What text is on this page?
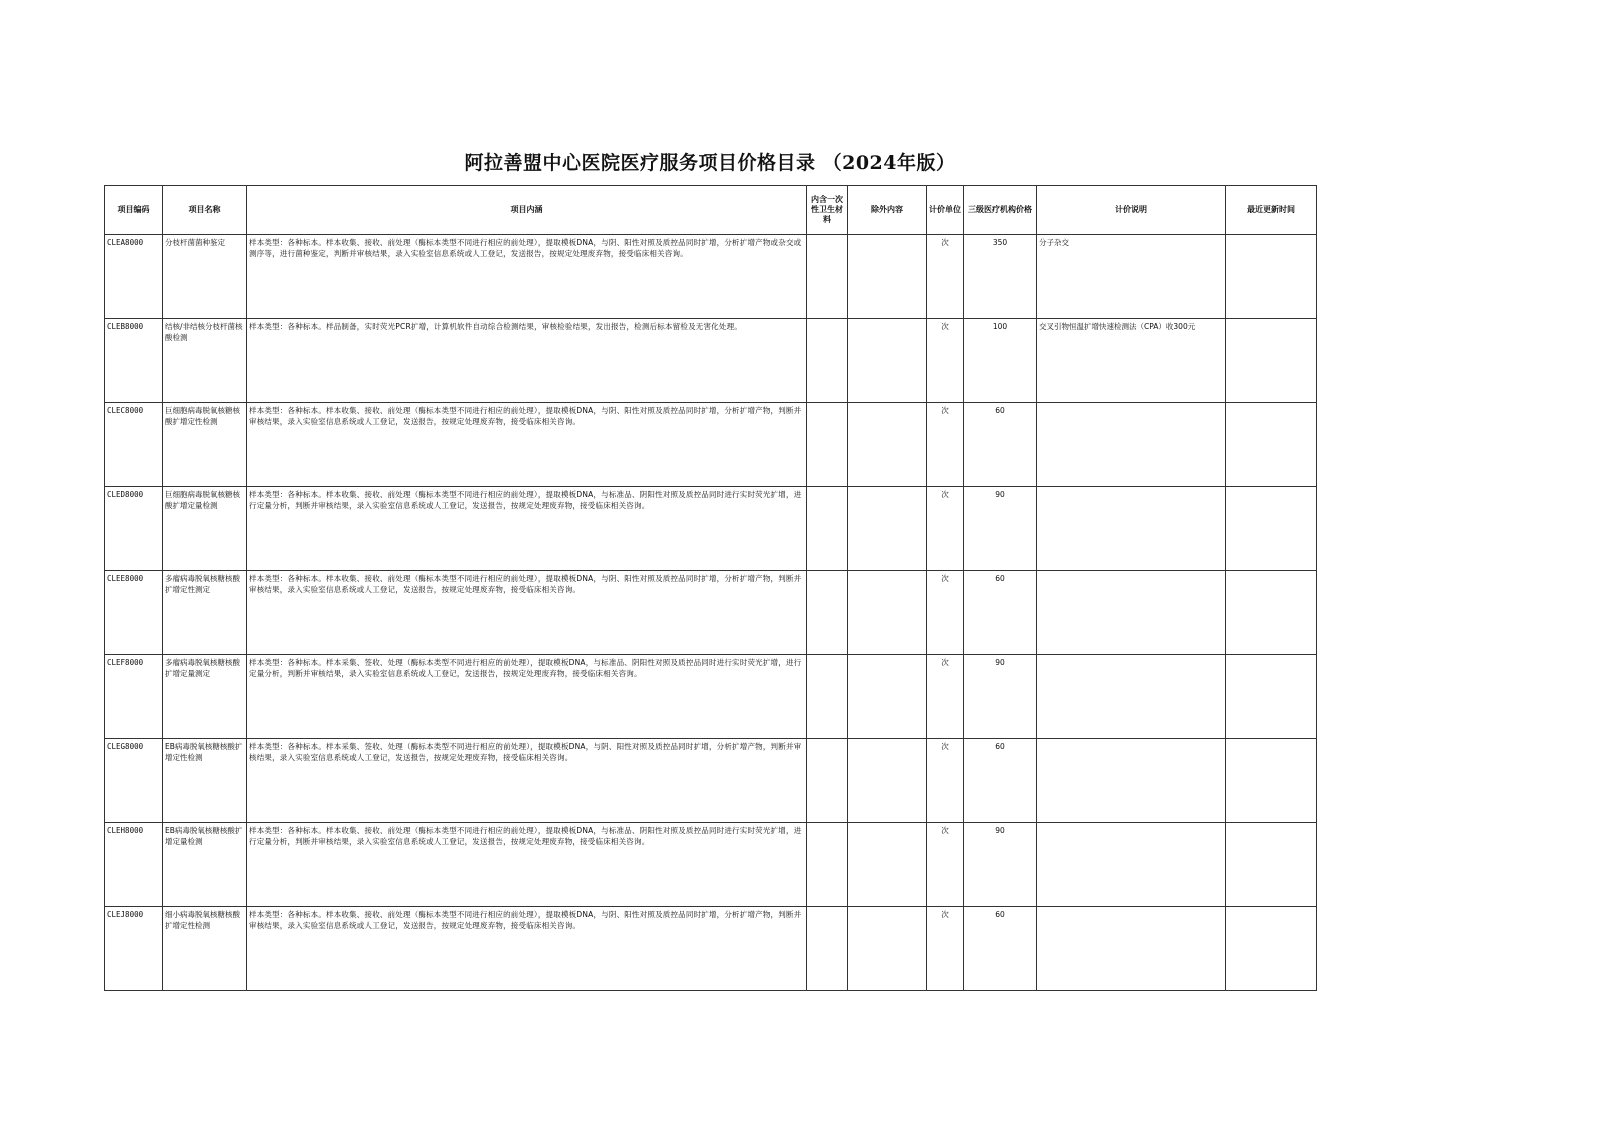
阿拉善盟中心医院医疗服务项目价格目录 （2024年版）
项目编码	项目名称	项目内涵	内含一次性卫生材料	除外内容	计价单位	三级医疗机构价格	计价说明	最近更新时间
CLEA8000	分枝杆菌菌种鉴定	样本类型：各种标本。样本收集、接收、前处理（酶标本类型不同进行相应的前处理），提取模板DNA，与阴、阳性对照及质控品同时扩增，分析扩增产物或杂交或测序等，进行菌种鉴定，判断并审核结果，录入实验室信息系统或人工登记，发送报告，按规定处理废弃物，接受临床相关咨询。			次	350	分子杂交	
CLEB8000	结核/非结核分枝杆菌核酸检测	样本类型：各种标本。样品制备，实时荧光PCR扩增，计算机软件自动综合检测结果，审核检验结果，发出报告，检测后标本留检及无害化处理。			次	100	交叉引物恒温扩增快速检测法（CPA）收300元	
CLEC8000	巨细胞病毒脱氧核糖核酸扩增定性检测	样本类型：各种标本。样本收集、接收、前处理（酶标本类型不同进行相应的前处理），提取模板DNA，与阴、阳性对照及质控品同时扩增，分析扩增产物，判断并审核结果，录入实验室信息系统或人工登记，发送报告，按规定处理废弃物，接受临床相关咨询。			次	60		
CLED8000	巨细胞病毒脱氧核糖核酸扩增定量检测	样本类型：各种标本。样本收集、接收、前处理（酶标本类型不同进行相应的前处理），提取模板DNA，与标准品、阴阳性对照及质控品同时进行实时荧光扩增，进行定量分析，判断并审核结果，录入实验室信息系统或人工登记，发送报告，按规定处理废弃物，接受临床相关咨询。			次	90		
CLEE8000	多瘤病毒脱氧核糖核酸扩增定性测定	样本类型：各种标本。样本收集、接收、前处理（酶标本类型不同进行相应的前处理），提取模板DNA，与阴、阳性对照及质控品同时扩增，分析扩增产物，判断并审核结果，录入实验室信息系统或人工登记，发送报告，按规定处理废弃物，接受临床相关咨询。			次	60		
CLEF8000	多瘤病毒脱氧核糖核酸扩增定量测定	样本类型：各种标本。样本采集、签收、处理（酶标本类型不同进行相应的前处理），提取模板DNA，与标准品、阴阳性对照及质控品同时进行实时荧光扩增，进行定量分析，判断并审核结果，录入实验室信息系统或人工登记，发送报告，按规定处理废弃物，接受临床相关咨询。			次	90		
CLEG8000	EB病毒脱氧核糖核酸扩增定性检测	样本类型：各种标本。样本采集、签收、处理（酶标本类型不同进行相应的前处理），提取模板DNA，与阴、阳性对照及质控品同时扩增，分析扩增产物，判断并审核结果，录入实验室信息系统或人工登记，发送报告，按规定处理废弃物，接受临床相关咨询。			次	60		
CLEH8000	EB病毒脱氧核糖核酸扩增定量检测	样本类型：各种标本。样本收集、接收、前处理（酶标本类型不同进行相应的前处理），提取模板DNA，与标准品、阴阳性对照及质控品同时进行实时荧光扩增，进行定量分析，判断并审核结果，录入实验室信息系统或人工登记，发送报告，按规定处理废弃物，接受临床相关咨询。			次	90		
CLEJ8000	细小病毒脱氧核糖核酸扩增定性检测	样本类型：各种标本。样本收集、接收、前处理（酶标本类型不同进行相应的前处理），提取模板DNA，与阴、阳性对照及质控品同时扩增，分析扩增产物，判断并审核结果，录入实验室信息系统或人工登记，发送报告，按规定处理废弃物，接受临床相关咨询。			次	60		
